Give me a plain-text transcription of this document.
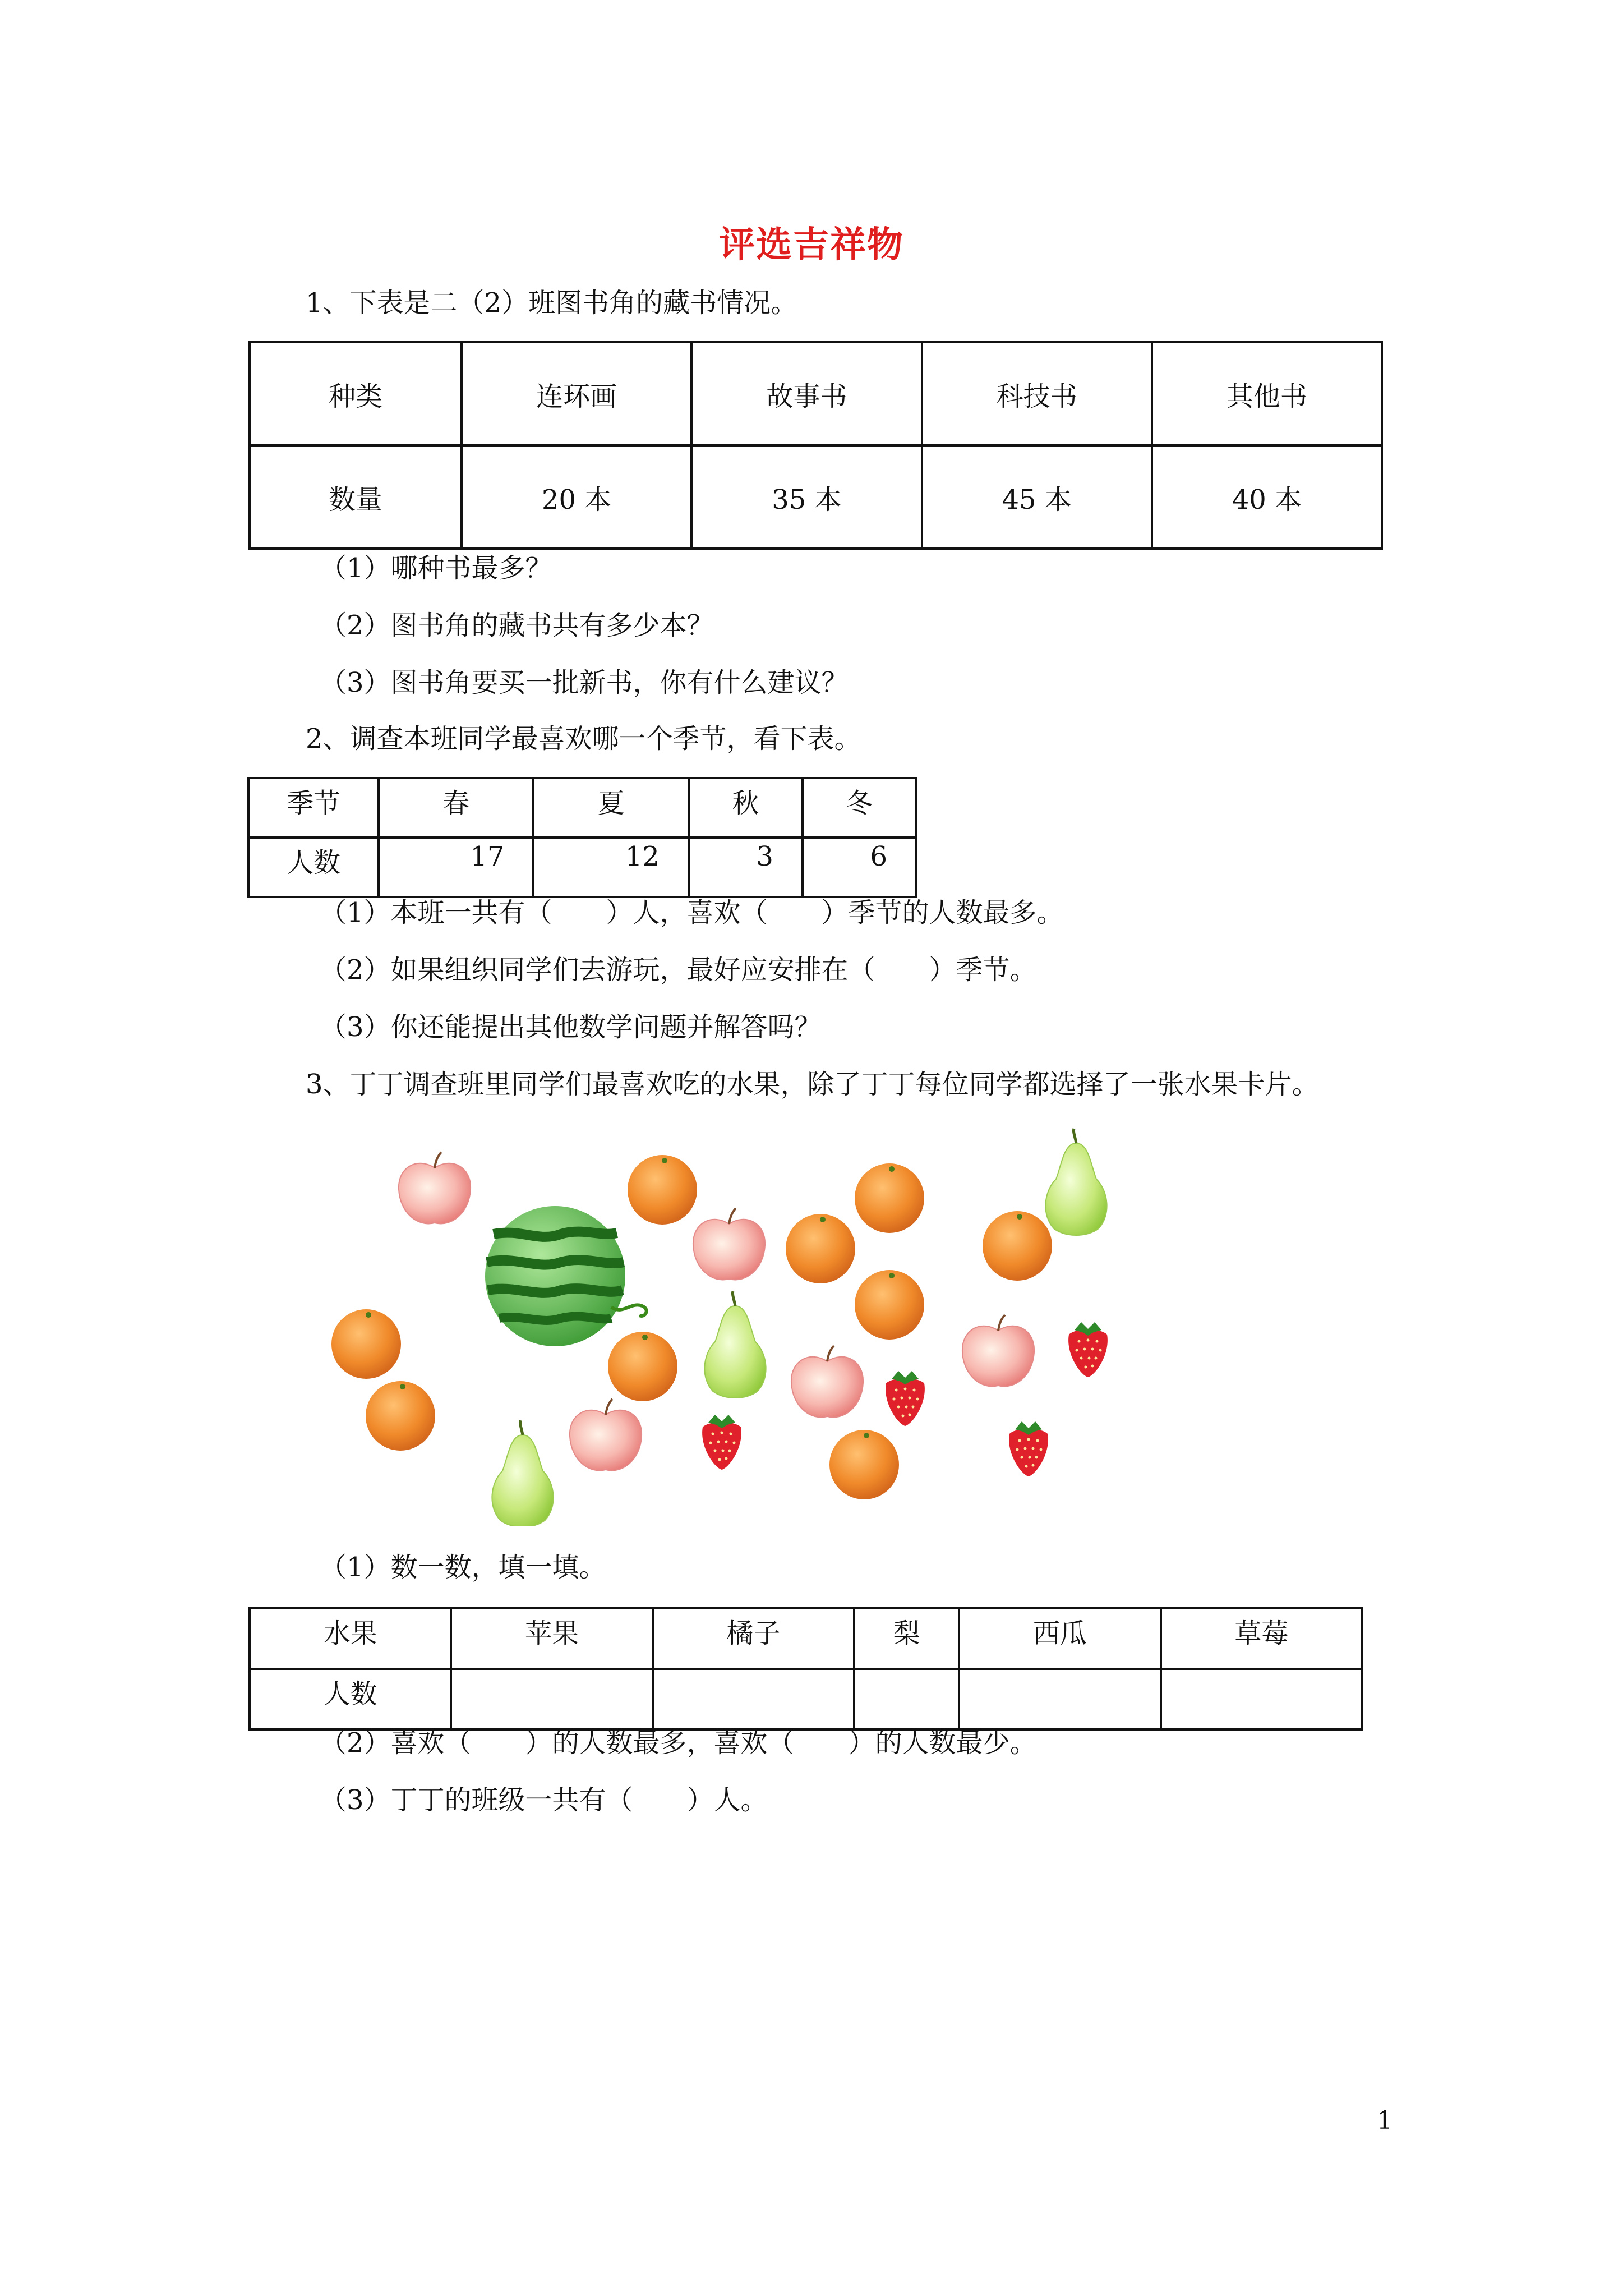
评选吉祥物
1、下表是二（2）班图书角的藏书情况。
种类	连环画	故事书	科技书	其他书
数量	20 本	35 本	45 本	40 本
（1）哪种书最多？
（2）图书角的藏书共有多少本？
（3）图书角要买一批新书，你有什么建议？
2、调查本班同学最喜欢哪一个季节，看下表。
季节	春	夏	秋	冬
人数	17	12	3	6
（1）本班一共有（　　）人，喜欢（　　）季节的人数最多。
（2）如果组织同学们去游玩，最好应安排在（　　）季节。
（3）你还能提出其他数学问题并解答吗？
3、丁丁调查班里同学们最喜欢吃的水果，除了丁丁每位同学都选择了一张水果卡片。
（1）数一数，填一填。
水果	苹果	橘子	梨	西瓜	草莓
人数					
（2）喜欢（　　）的人数最多，喜欢（　　）的人数最少。
（3）丁丁的班级一共有（　　）人。
1
